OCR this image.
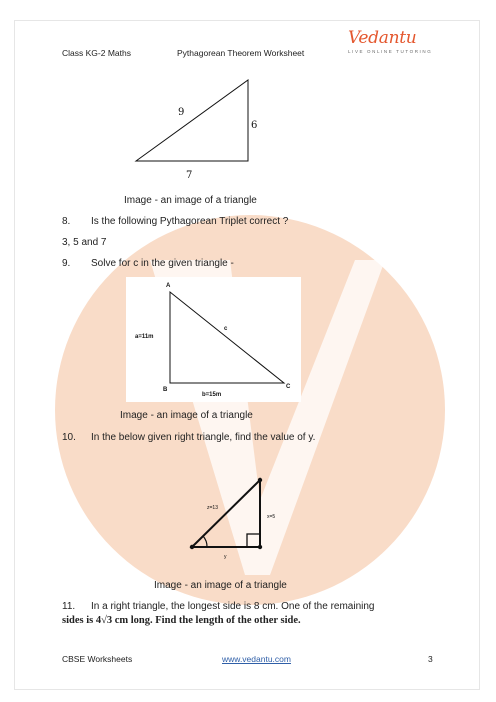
Class KG-2 Maths	Pythagorean Theorem Worksheet
Vedantu
LIVE ONLINE TUTORING
9
6
7
Image - an image of a triangle
8. Is the following Pythagorean Triplet correct ?
3, 5 and 7
9. Solve for c in the given triangle -
A
B	C
a=11m
b=15m
c
Image - an image of a triangle
10. In the below given right triangle, find the value of y.
z=13
x=5
y
Image - an image of a triangle
11. In a right triangle, the longest side is 8 cm. One of the remaining
sides is 4√3 cm long. Find the length of the other side.
CBSE Worksheets	www.vedantu.com	3
